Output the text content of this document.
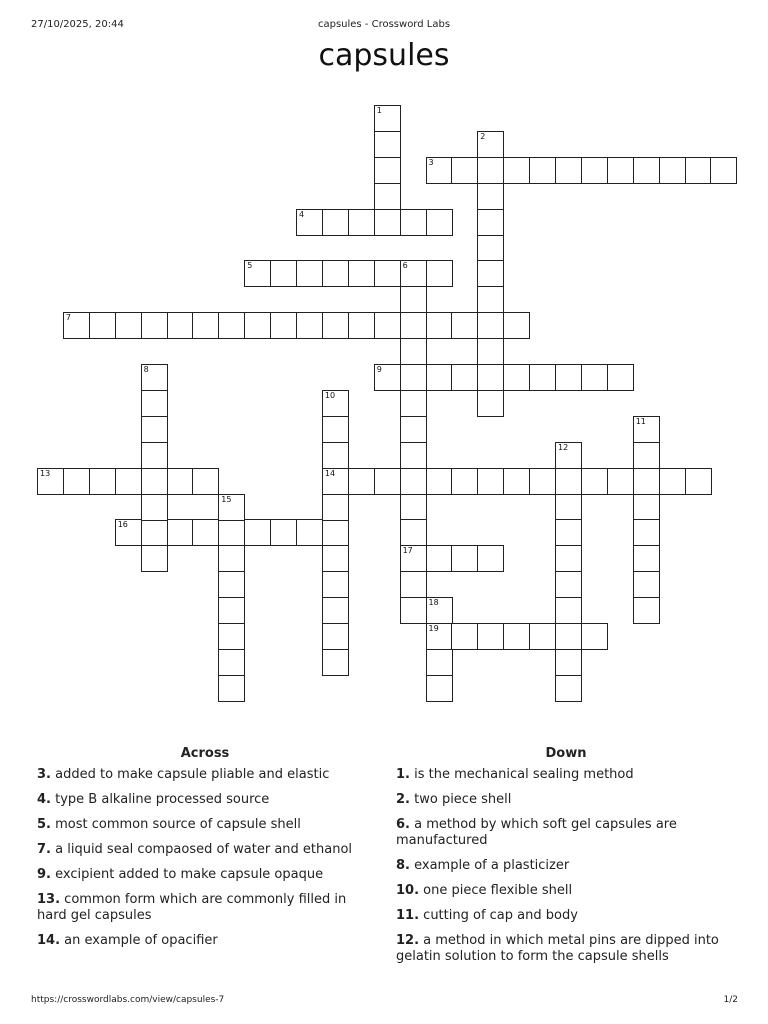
27/10/2025, 20:44	capsules - Crossword Labs
capsules
3
4
5	6
7
9
13	14
16
17
19
1
2
8
10
11
12
15
18
Across
3. added to make capsule pliable and elastic
4. type B alkaline processed source
5. most common source of capsule shell
7. a liquid seal compaosed of water and ethanol
9. excipient added to make capsule opaque
13. common form which are commonly filled in hard gel capsules
14. an example of opacifier
Down
1. is the mechanical sealing method
2. two piece shell
6. a method by which soft gel capsules are manufactured
8. example of a plasticizer
10. one piece flexible shell
11. cutting of cap and body
12. a method in which metal pins are dipped into gelatin solution to form the capsule shells
https://crosswordlabs.com/view/capsules-7	1/2
